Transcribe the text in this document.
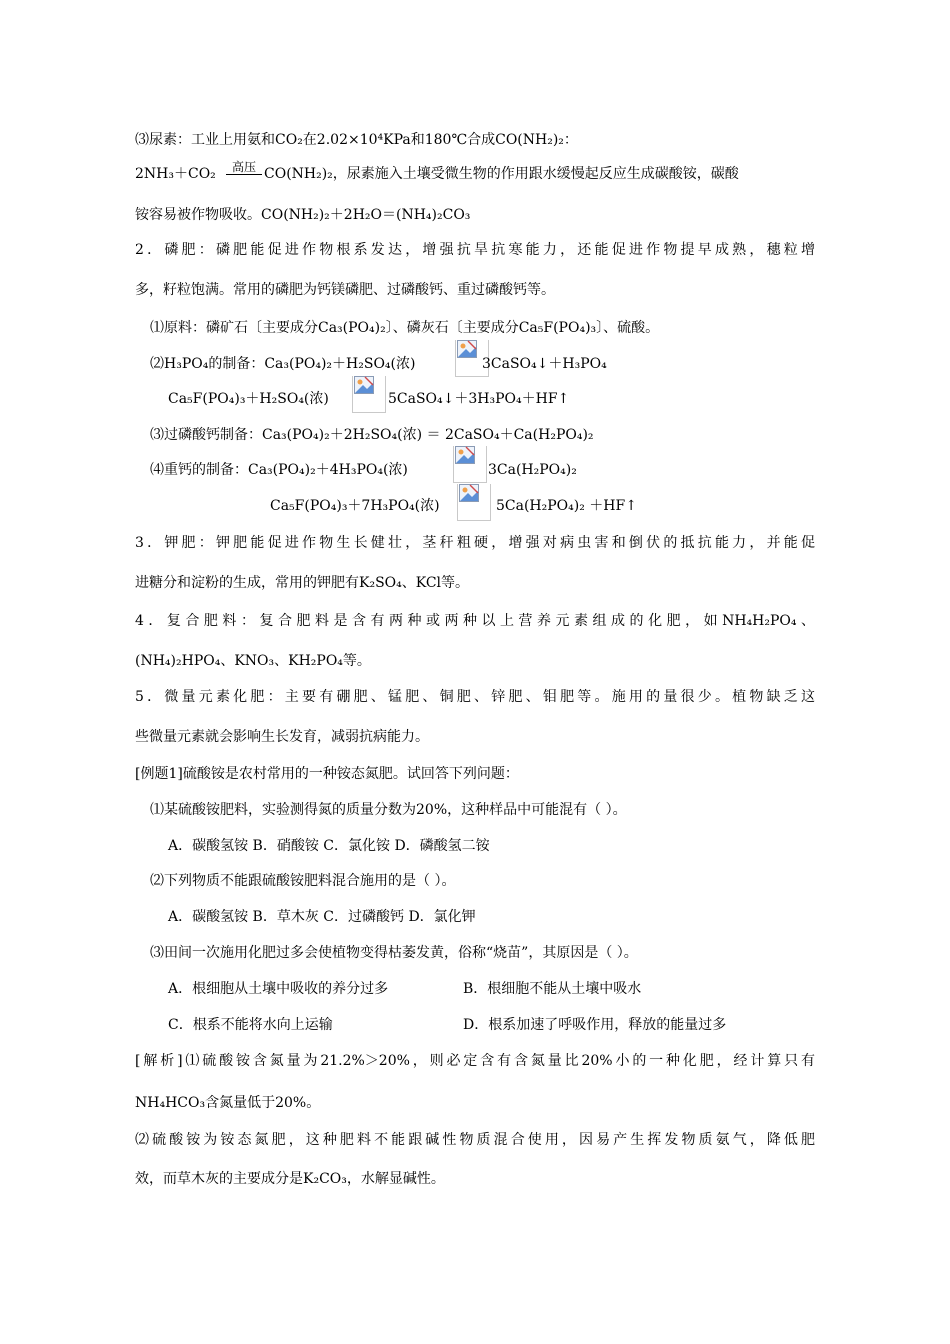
⑶尿素：工业上用氨和CO₂在2.02×10⁴KPa和180℃合成CO(NH₂)₂：
2NH₃＋CO₂ 高压 CO(NH₂)₂，尿素施入土壤受微生物的作用跟水缓慢起反应生成碳酸铵，碳酸
铵容易被作物吸收。CO(NH₂)₂＋2H₂O＝(NH₄)₂CO₃
2．磷肥：磷肥能促进作物根系发达，增强抗旱抗寒能力，还能促进作物提早成熟，穗粒增
多，籽粒饱满。常用的磷肥为钙镁磷肥、过磷酸钙、重过磷酸钙等。
⑴原料：磷矿石〔主要成分Ca₃(PO₄)₂〕、磷灰石〔主要成分Ca₅F(PO₄)₃〕、硫酸。
⑵H₃PO₄的制备：Ca₃(PO₄)₂＋H₂SO₄(浓)	3CaSO₄↓＋H₃PO₄
Ca₅F(PO₄)₃＋H₂SO₄(浓)	5CaSO₄↓＋3H₃PO₄＋HF↑
⑶过磷酸钙制备：Ca₃(PO₄)₂＋2H₂SO₄(浓) ＝ 2CaSO₄＋Ca(H₂PO₄)₂
⑷重钙的制备：Ca₃(PO₄)₂＋4H₃PO₄(浓)	3Ca(H₂PO₄)₂
Ca₅F(PO₄)₃＋7H₃PO₄(浓)	5Ca(H₂PO₄)₂ ＋HF↑
3．钾肥：钾肥能促进作物生长健壮，茎秆粗硬，增强对病虫害和倒伏的抵抗能力，并能促
进糖分和淀粉的生成，常用的钾肥有K₂SO₄、KCl等。
4．复合肥料：复合肥料是含有两种或两种以上营养元素组成的化肥，如NH₄H₂PO₄、
(NH₄)₂HPO₄、KNO₃、KH₂PO₄等。
5．微量元素化肥：主要有硼肥、锰肥、铜肥、锌肥、钼肥等。施用的量很少。植物缺乏这
些微量元素就会影响生长发育，减弱抗病能力。
[例题1]硫酸铵是农村常用的一种铵态氮肥。试回答下列问题：
⑴某硫酸铵肥料，实验测得氮的质量分数为20%，这种样品中可能混有（ ）。
A．碳酸氢铵 B．硝酸铵 C．氯化铵 D．磷酸氢二铵
⑵下列物质不能跟硫酸铵肥料混合施用的是（ ）。
A．碳酸氢铵 B．草木灰 C．过磷酸钙 D．氯化钾
⑶田间一次施用化肥过多会使植物变得枯萎发黄，俗称“烧苗”，其原因是（ ）。
A．根细胞从土壤中吸收的养分过多	B．根细胞不能从土壤中吸水
C．根系不能将水向上运输	D．根系加速了呼吸作用，释放的能量过多
[解析]⑴硫酸铵含氮量为21.2%＞20%，则必定含有含氮量比20%小的一种化肥，经计算只有
NH₄HCO₃含氮量低于20%。
⑵硫酸铵为铵态氮肥，这种肥料不能跟碱性物质混合使用，因易产生挥发物质氨气，降低肥
效，而草木灰的主要成分是K₂CO₃，水解显碱性。
